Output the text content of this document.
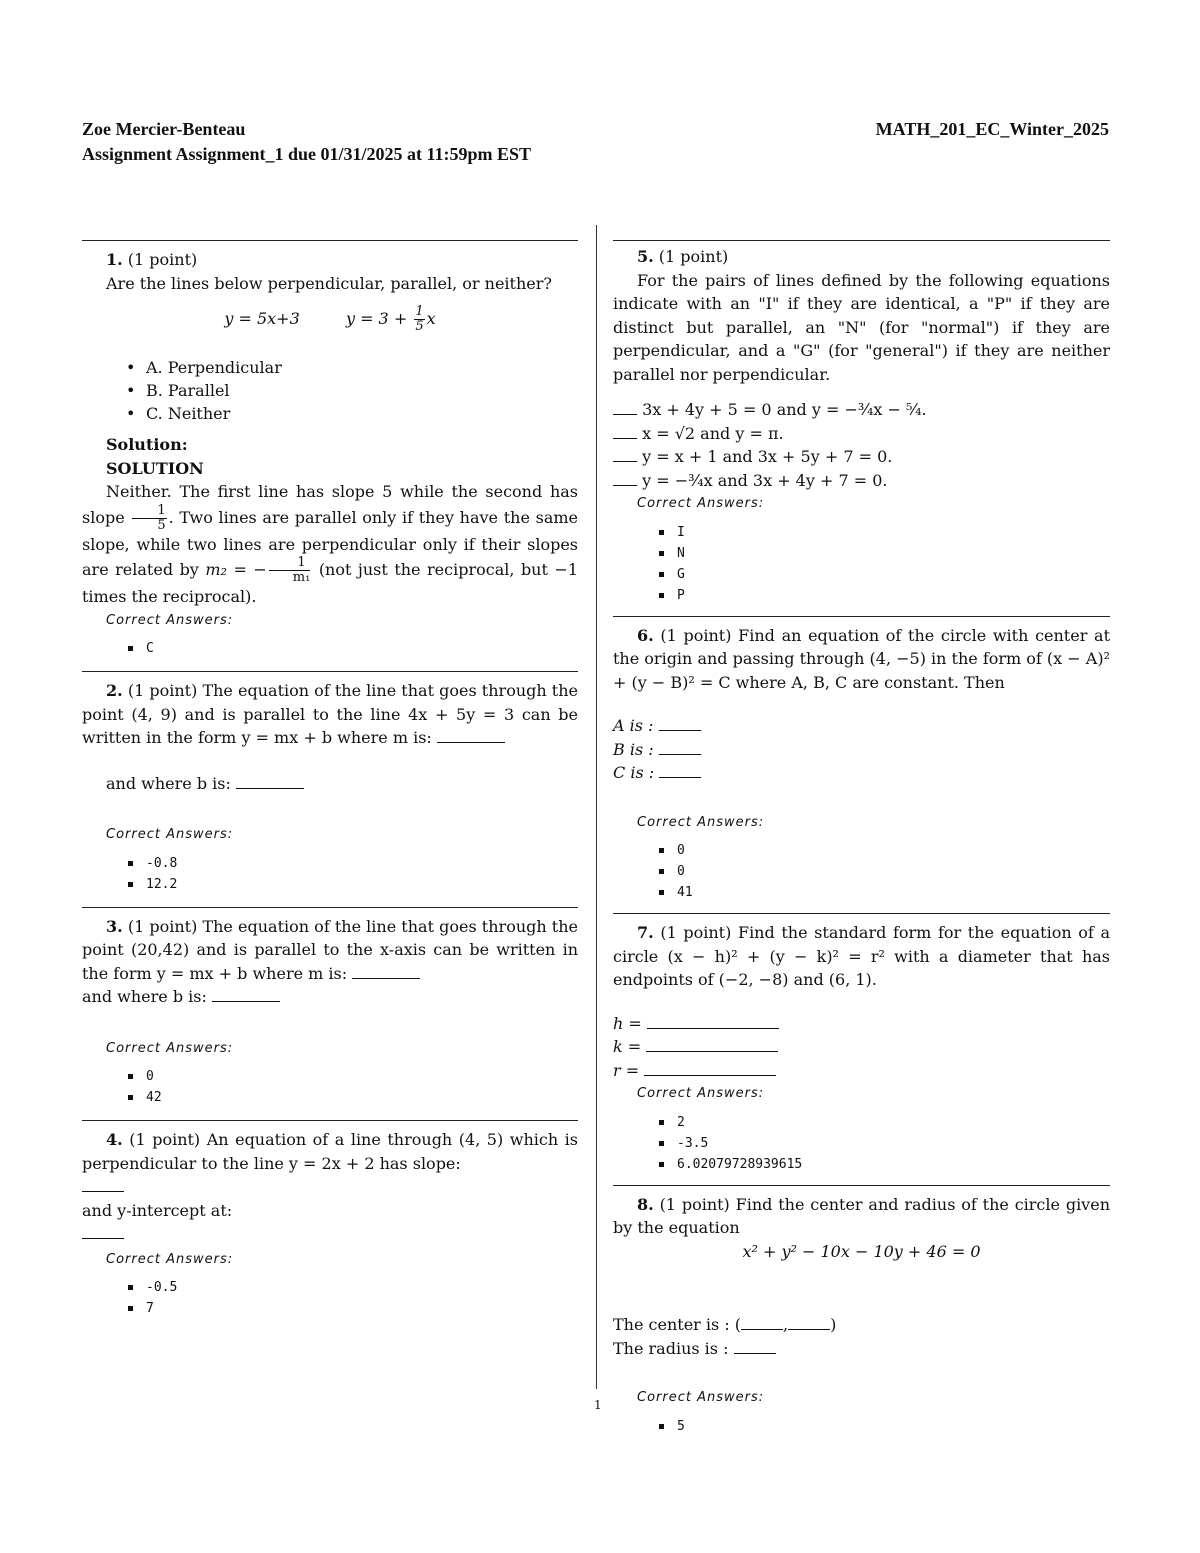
Zoe Mercier-Benteau
Assignment Assignment_1 due 01/31/2025 at 11:59pm EST
MATH_201_EC_Winter_2025
1. (1 point)
Are the lines below perpendicular, parallel, or neither?
y = 5x+3	$y = 3 + \frac{1}{5}$ x
• A. Perpendicular
• B. Parallel
• C. Neither
Solution:
SOLUTION
Neither. The first line has slope 5 while the second has slope $\frac{1}{5}$ . Two lines are parallel only if they have the same slope, while two lines are perpendicular only if their slopes are related by m₂ = − $\frac{1}{\text{m₁}} (not$ just the reciprocal, but −1 times the reciprocal).
Correct Answers:
C
2. (1 point) The equation of the line that goes through the point (4, 9) and is parallel to the line 4x + 5y = 3 can be written in the form y = mx + b where m is:
and where b is:
Correct Answers:
-0.8
12.2
3. (1 point) The equation of the line that goes through the point (20,42) and is parallel to the x-axis can be written in the form y = mx + b where m is:
and where b is:
Correct Answers:
0
42
4. (1 point) An equation of a line through (4, 5) which is perpendicular to the line y = 2x + 2 has slope:
and y-intercept at:
Correct Answers:
-0.5
7
5. (1 point)
For the pairs of lines defined by the following equations indicate with an "I" if they are identical, a "P" if they are distinct but parallel, an "N" (for "normal") if they are perpendicular, and a "G" (for "general") if they are neither parallel nor perpendicular.
3x + 4y + 5 = 0 and y = −³⁄₄x − ⁵⁄₄.
x = √2 and y = π.
y = x + 1 and 3x + 5y + 7 = 0.
y = −³⁄₄x and 3x + 4y + 7 = 0.
Correct Answers:
I
N
G
P
6. (1 point) Find an equation of the circle with center at the origin and passing through (4, −5) in the form of (x − A)² + (y − B)² = C where A, B, C are constant. Then
A is :
B is :
C is :
Correct Answers:
0
0
41
7. (1 point) Find the standard form for the equation of a circle (x − h)² + (y − k)² = r² with a diameter that has endpoints of (−2, −8) and (6, 1).
h =
k =
r =
Correct Answers:
2
-3.5
6.02079728939615
8. (1 point) Find the center and radius of the circle given by the equation
x² + y² − 10x − 10y + 46 = 0
The center is : (	,	)
The radius is :
Correct Answers:
5
1
